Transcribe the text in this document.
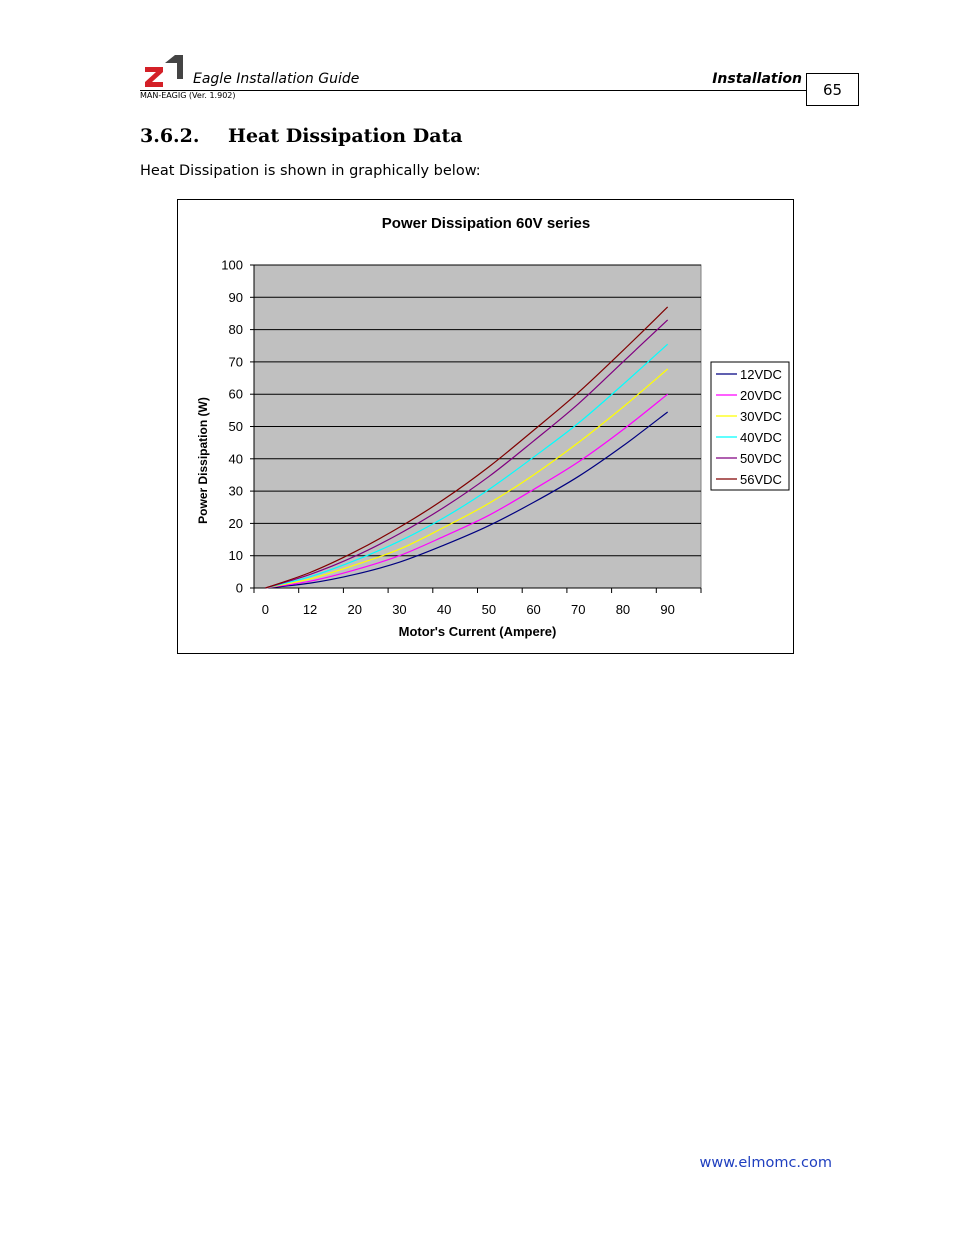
Eagle Installation Guide	Installation
MAN-EAGIG (Ver. 1.902)	65
3.6.2. Heat Dissipation Data
Heat Dissipation is shown in graphically below:
Power Dissipation 60V series
0
10
20
30
40
50
60
70
80
90
100
0	12 20 30 40 50 60 70 80 90
Motor's Current (Ampere)
Power Dissipation (W)
12VDC
20VDC
30VDC
40VDC
50VDC
56VDC
www.elmomc.com
